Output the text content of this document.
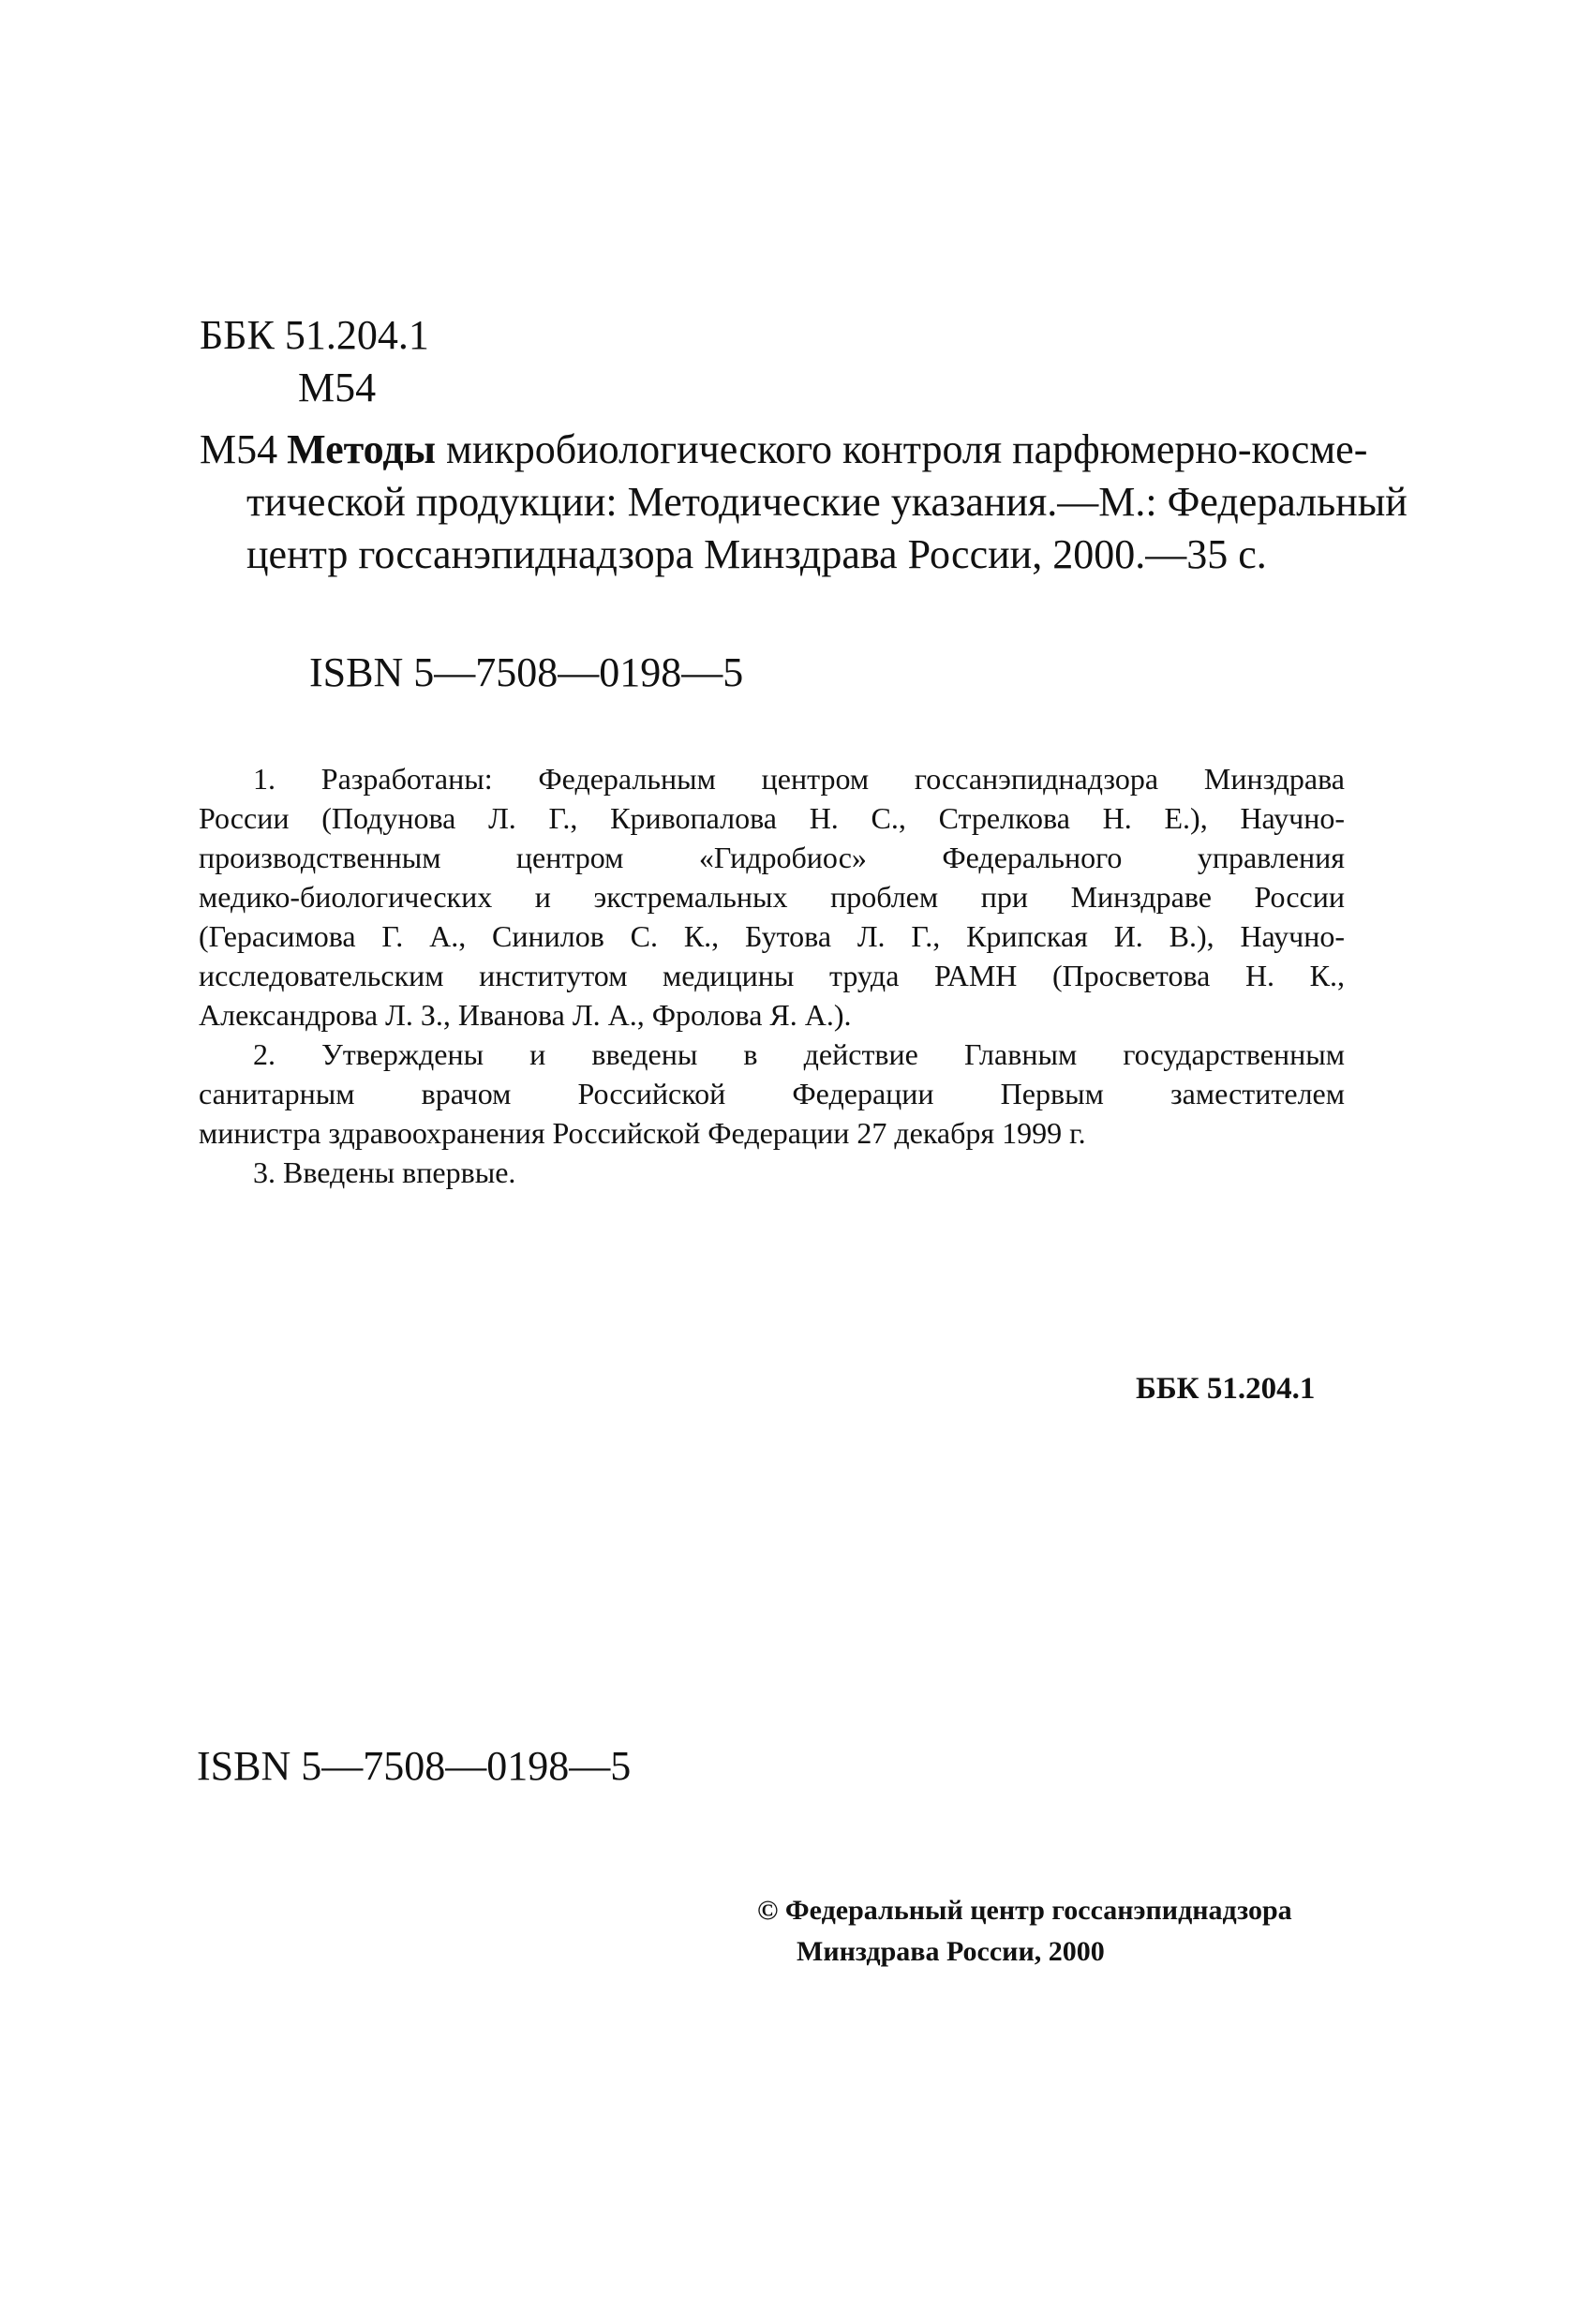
ББК 51.204.1
М54
М54 Методы микробиологического контроля парфюмерно-косме-
тической продукции: Методические указания.—М.: Федеральный
центр госсанэпиднадзора Минздрава России, 2000.—35 с.
ISBN 5—7508—0198—5
1. Разработаны: Федеральным центром госсанэпиднадзора Минздрава
России (Подунова Л. Г., Кривопалова Н. С., Стрелкова Н. Е.), Научно-
производственным центром «Гидробиос» Федерального управления
медико-биологических и экстремальных проблем при Минздраве России
(Герасимова Г. А., Синилов С. К., Бутова Л. Г., Крипская И. В.), Научно-
исследовательским институтом медицины труда РАМН (Просветова Н. К.,
Александрова Л. З., Иванова Л. А., Фролова Я. А.).
2. Утверждены и введены в действие Главным государственным
санитарным врачом Российской Федерации Первым заместителем
министра здравоохранения Российской Федерации 27 декабря 1999 г.
3. Введены впервые.
ББК 51.204.1
ISBN 5—7508—0198—5
© Федеральный центр госсанэпиднадзора
Минздрава России, 2000
